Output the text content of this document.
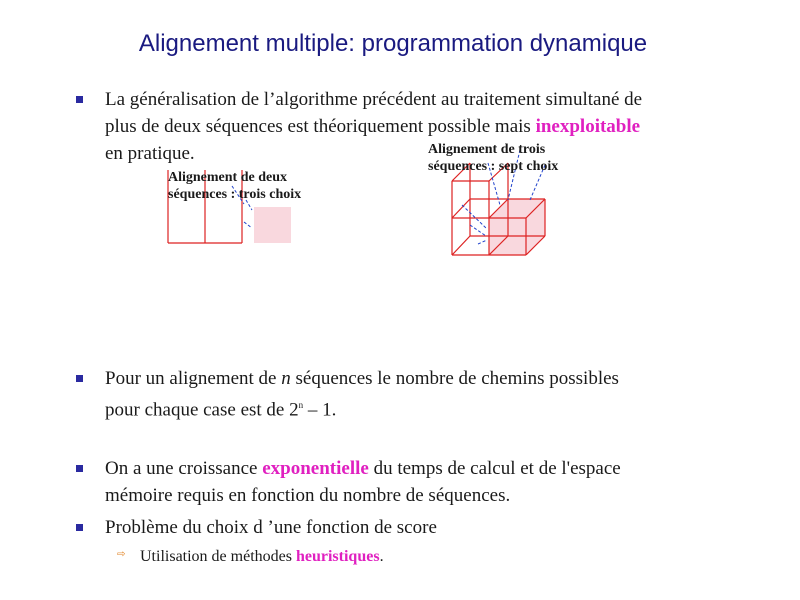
Alignement multiple: programmation dynamique
La généralisation de l’algorithme précédent au traitement simultané de
plus de deux séquences est théoriquement possible mais inexploitable
en pratique.
Alignement de deux
séquences : trois choix
Alignement de trois
séquences : sept choix
Pour un alignement de n séquences le nombre de chemins possibles
pour chaque case est de 2$^n$ – 1.
On a une croissance exponentielle du temps de calcul et de l'espace
mémoire requis en fonction du nombre de séquences.
Problème du choix d ’une fonction de score
⇨ Utilisation de méthodes heuristiques.
